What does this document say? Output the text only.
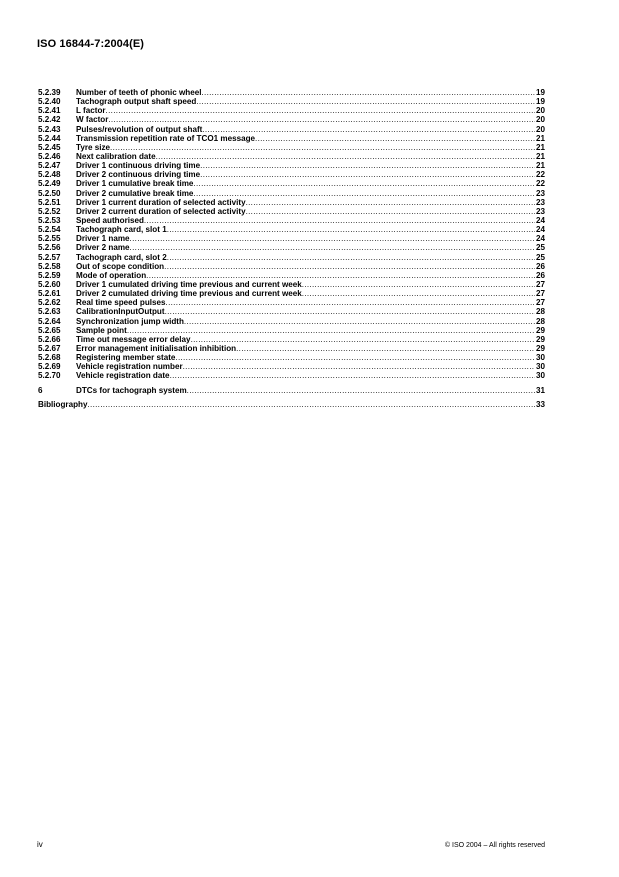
ISO 16844-7:2004(E)
5.2.39	Number of teeth of phonic wheel .....	19
5.2.40	Tachograph output shaft speed .....	19
5.2.41	L factor .....	20
5.2.42	W factor .....	20
5.2.43	Pulses/revolution of output shaft .....	20
5.2.44	Transmission repetition rate of TCO1 message .....	21
5.2.45	Tyre size .....	21
5.2.46	Next calibration date .....	21
5.2.47	Driver 1 continuous driving time .....	21
5.2.48	Driver 2 continuous driving time .....	22
5.2.49	Driver 1 cumulative break time .....	22
5.2.50	Driver 2 cumulative break time .....	23
5.2.51	Driver 1 current duration of selected activity .....	23
5.2.52	Driver 2 current duration of selected activity .....	23
5.2.53	Speed authorised .....	24
5.2.54	Tachograph card, slot 1 .....	24
5.2.55	Driver 1 name .....	24
5.2.56	Driver 2 name .....	25
5.2.57	Tachograph card, slot 2 .....	25
5.2.58	Out of scope condition .....	26
5.2.59	Mode of operation .....	26
5.2.60	Driver 1 cumulated driving time previous and current week .....	27
5.2.61	Driver 2 cumulated driving time previous and current week .....	27
5.2.62	Real time speed pulses .....	27
5.2.63	CalibrationInputOutput .....	28
5.2.64	Synchronization jump width .....	28
5.2.65	Sample point .....	29
5.2.66	Time out message error delay .....	29
5.2.67	Error management initialisation inhibition .....	29
5.2.68	Registering member state .....	30
5.2.69	Vehicle registration number .....	30
5.2.70	Vehicle registration date .....	30
6	DTCs for tachograph system .....	31
Bibliography .....	33
iv	© ISO 2004 – All rights reserved
